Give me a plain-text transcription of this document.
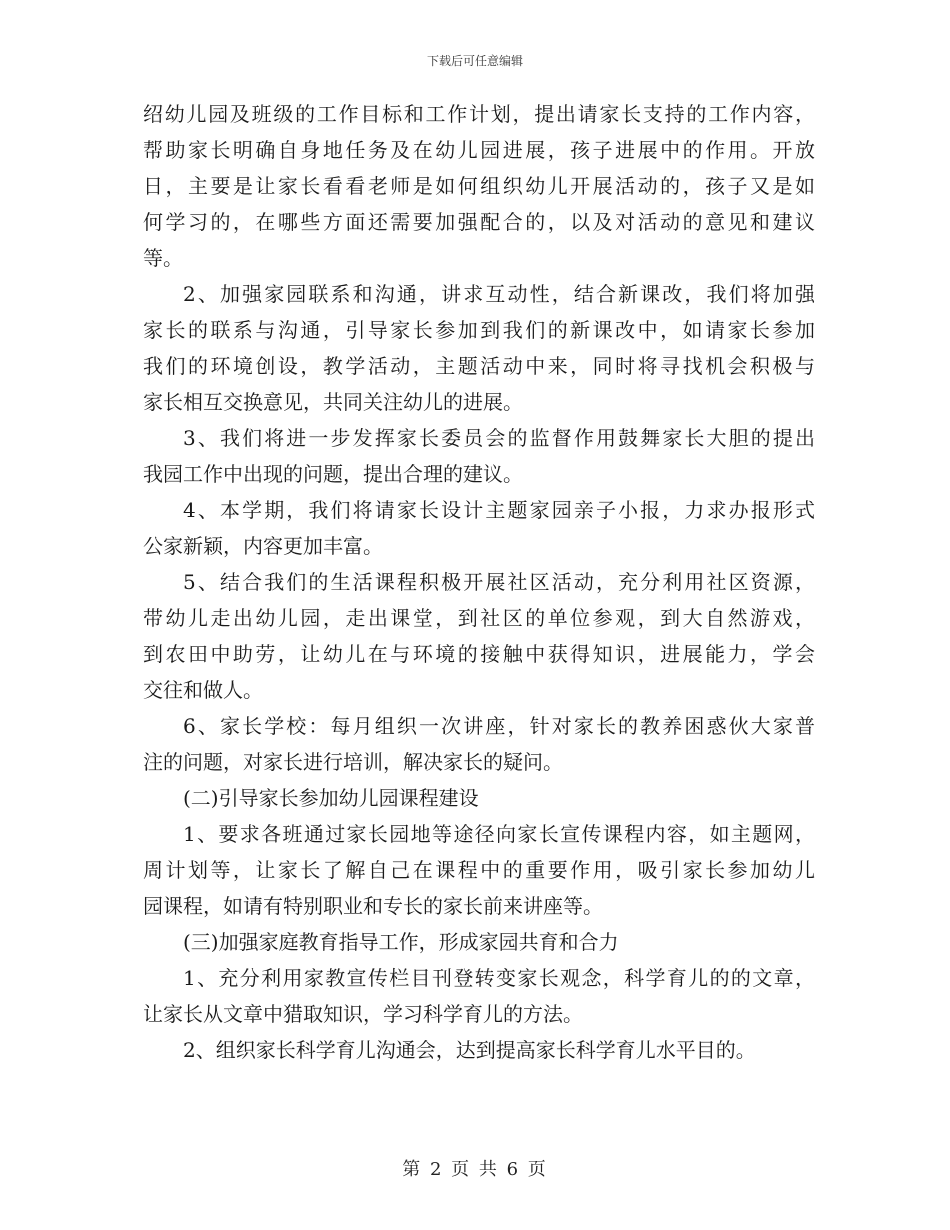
下载后可任意编辑
绍幼儿园及班级的工作目标和工作计划，提出请家长支持的工作内容，
帮助家长明确自身地任务及在幼儿园进展，孩子进展中的作用。开放
日，主要是让家长看看老师是如何组织幼儿开展活动的，孩子又是如
何学习的，在哪些方面还需要加强配合的，以及对活动的意见和建议
等。
2、加强家园联系和沟通，讲求互动性，结合新课改，我们将加强
家长的联系与沟通，引导家长参加到我们的新课改中，如请家长参加
我们的环境创设，教学活动，主题活动中来，同时将寻找机会积极与
家长相互交换意见，共同关注幼儿的进展。
3、我们将进一步发挥家长委员会的监督作用鼓舞家长大胆的提出
我园工作中出现的问题，提出合理的建议。
4、本学期，我们将请家长设计主题家园亲子小报，力求办报形式
公家新颖，内容更加丰富。
5、结合我们的生活课程积极开展社区活动，充分利用社区资源，
带幼儿走出幼儿园，走出课堂，到社区的单位参观，到大自然游戏，
到农田中助劳，让幼儿在与环境的接触中获得知识，进展能力，学会
交往和做人。
6、家长学校：每月组织一次讲座，针对家长的教养困惑伙大家普
注的问题，对家长进行培训，解决家长的疑问。
(二)引导家长参加幼儿园课程建设
1、要求各班通过家长园地等途径向家长宣传课程内容，如主题网，
周计划等，让家长了解自己在课程中的重要作用，吸引家长参加幼儿
园课程，如请有特别职业和专长的家长前来讲座等。
(三)加强家庭教育指导工作，形成家园共育和合力
1、充分利用家教宣传栏目刊登转变家长观念，科学育儿的的文章，
让家长从文章中猎取知识，学习科学育儿的方法。
2、组织家长科学育儿沟通会，达到提高家长科学育儿水平目的。
第 2 页 共 6 页
